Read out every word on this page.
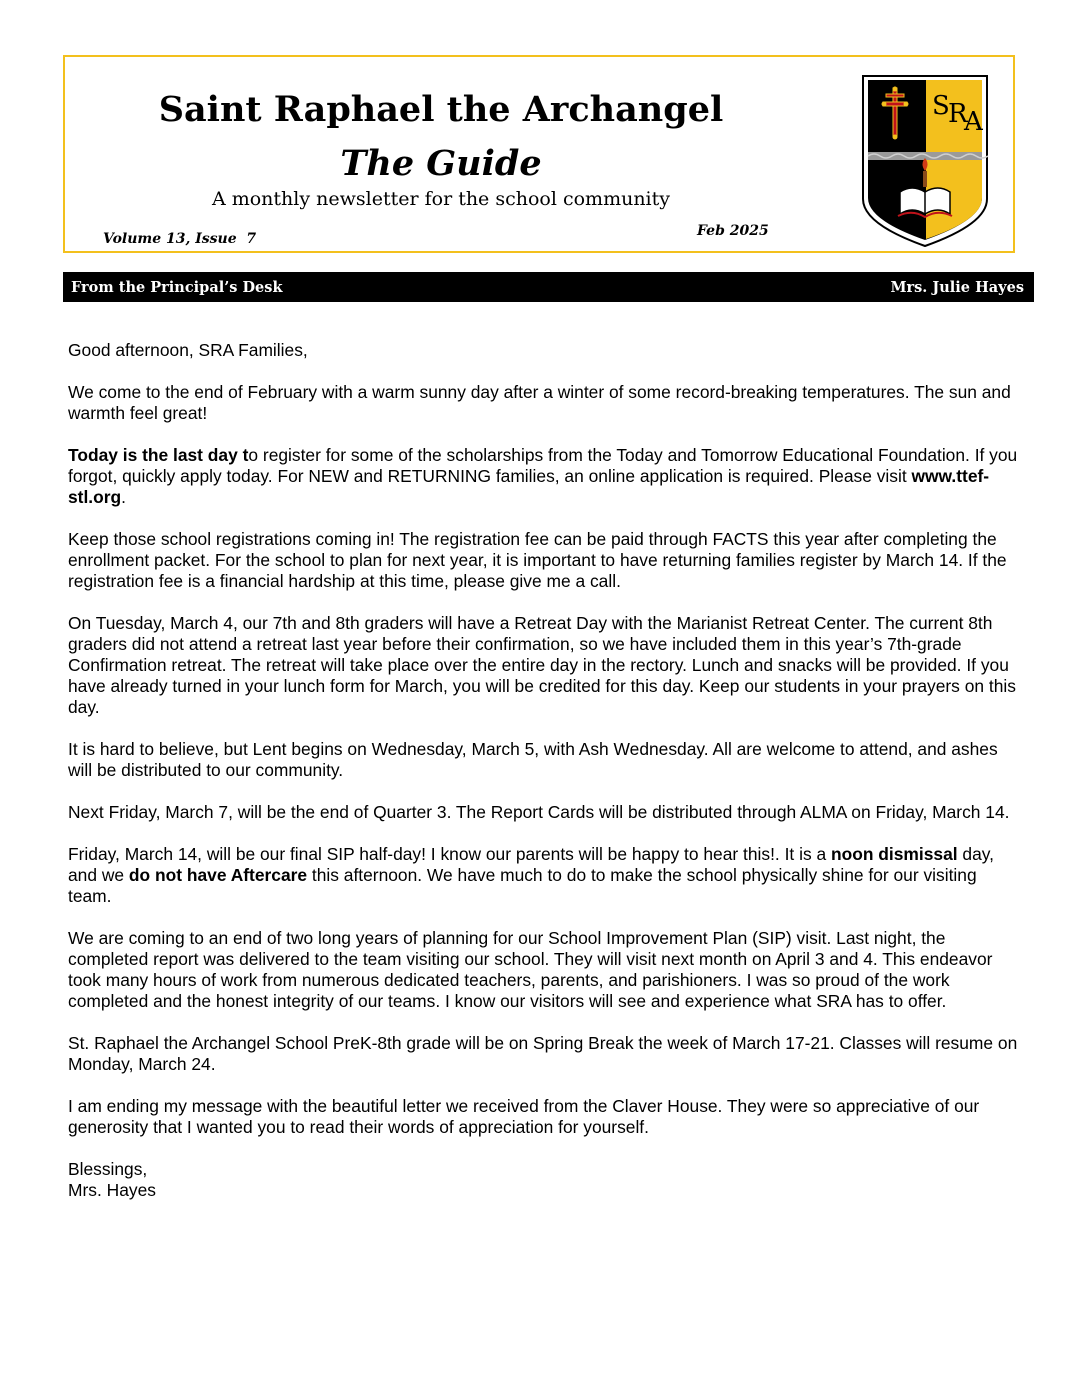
Saint Raphael the Archangel
The Guide
A monthly newsletter for the school community
Volume 13, Issue  7	Feb 2025
S
R
A
From the Principal’s Desk	Mrs. Julie Hayes

Good afternoon, SRA Families,

We come to the end of February with a warm sunny day after a winter of some record-breaking temperatures. The sun and warmth feel great!

Today is the last day to register for some of the scholarships from the Today and Tomorrow Educational Foundation. If you forgot, quickly apply today. For NEW and RETURNING families, an online application is required. Please visit www.ttef-stl.org.

Keep those school registrations coming in! The registration fee can be paid through FACTS this year after completing the enrollment packet. For the school to plan for next year, it is important to have returning families register by March 14. If the registration fee is a financial hardship at this time, please give me a call.

On Tuesday, March 4, our 7th and 8th graders will have a Retreat Day with the Marianist Retreat Center. The current 8th graders did not attend a retreat last year before their confirmation, so we have included them in this year’s 7th-grade Confirmation retreat. The retreat will take place over the entire day in the rectory. Lunch and snacks will be provided. If you have already turned in your lunch form for March, you will be credited for this day. Keep our students in your prayers on this day.

It is hard to believe, but Lent begins on Wednesday, March 5, with Ash Wednesday. All are welcome to attend, and ashes will be distributed to our community.

Next Friday, March 7, will be the end of Quarter 3. The Report Cards will be distributed through ALMA on Friday, March 14.

Friday, March 14, will be our final SIP half-day! I know our parents will be happy to hear this!. It is a noon dismissal day, and we do not have Aftercare this afternoon. We have much to do to make the school physically shine for our visiting team.

We are coming to an end of two long years of planning for our School Improvement Plan (SIP) visit. Last night, the completed report was delivered to the team visiting our school. They will visit next month on April 3 and 4. This endeavor took many hours of work from numerous dedicated teachers, parents, and parishioners. I was so proud of the work completed and the honest integrity of our teams. I know our visitors will see and experience what SRA has to offer.

St. Raphael the Archangel School PreK-8th grade will be on Spring Break the week of March 17-21. Classes will resume on Monday, March 24.

I am ending my message with the beautiful letter we received from the Claver House. They were so appreciative of our generosity that I wanted you to read their words of appreciation for yourself.

Blessings,
Mrs. Hayes
